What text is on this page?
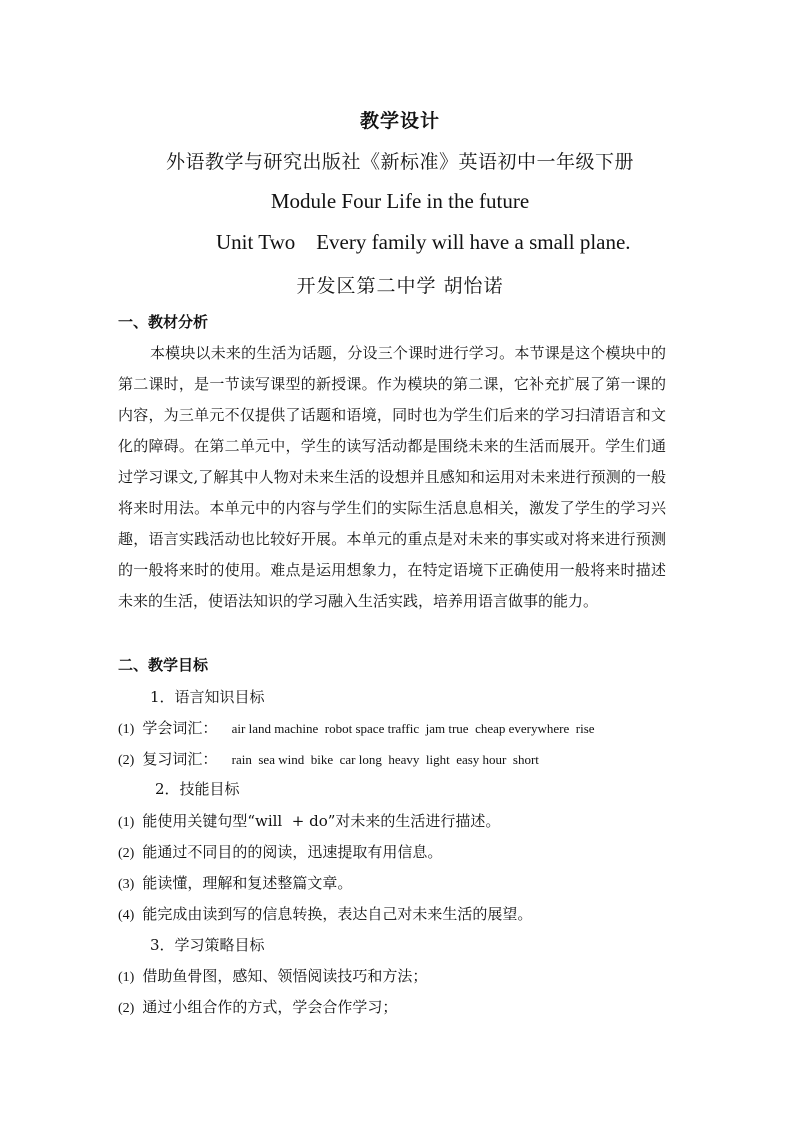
教学设计
外语教学与研究出版社《新标准》英语初中一年级下册
Module Four Life in the future
Unit Two    Every family will have a small plane.
开发区第二中学 胡怡诺
一、教材分析

本模块以未来的生活为话题，分设三个课时进行学习。本节课是这个模块中的第二课时，是一节读写课型的新授课。作为模块的第二课，它补充扩展了第一课的内容，为三单元不仅提供了话题和语境，同时也为学生们后来的学习扫清语言和文化的障碍。在第二单元中，学生的读写活动都是围绕未来的生活而展开。学生们通过学习课文,了解其中人物对未来生活的设想并且感知和运用对未来进行预测的一般将来时用法。本单元中的内容与学生们的实际生活息息相关，激发了学生的学习兴趣，语言实践活动也比较好开展。本单元的重点是对未来的事实或对将来进行预测的一般将来时的使用。难点是运用想象力，在特定语境下正确使用一般将来时描述未来的生活，使语法知识的学习融入生活实践，培养用语言做事的能力。

二、教学目标
1．语言知识目标
(1) 学会词汇： air land machine  robot space traffic  jam true  cheap everywhere  rise
(2) 复习词汇： rain  sea wind  bike  car long  heavy  light  easy hour  short
2．技能目标
(1) 能使用关键句型“will  + do”对未来的生活进行描述。
(2) 能通过不同目的的阅读，迅速提取有用信息。
(3) 能读懂，理解和复述整篇文章。
(4) 能完成由读到写的信息转换，表达自己对未来生活的展望。
3．学习策略目标
(1) 借助鱼骨图，感知、领悟阅读技巧和方法；
(2) 通过小组合作的方式，学会合作学习；
